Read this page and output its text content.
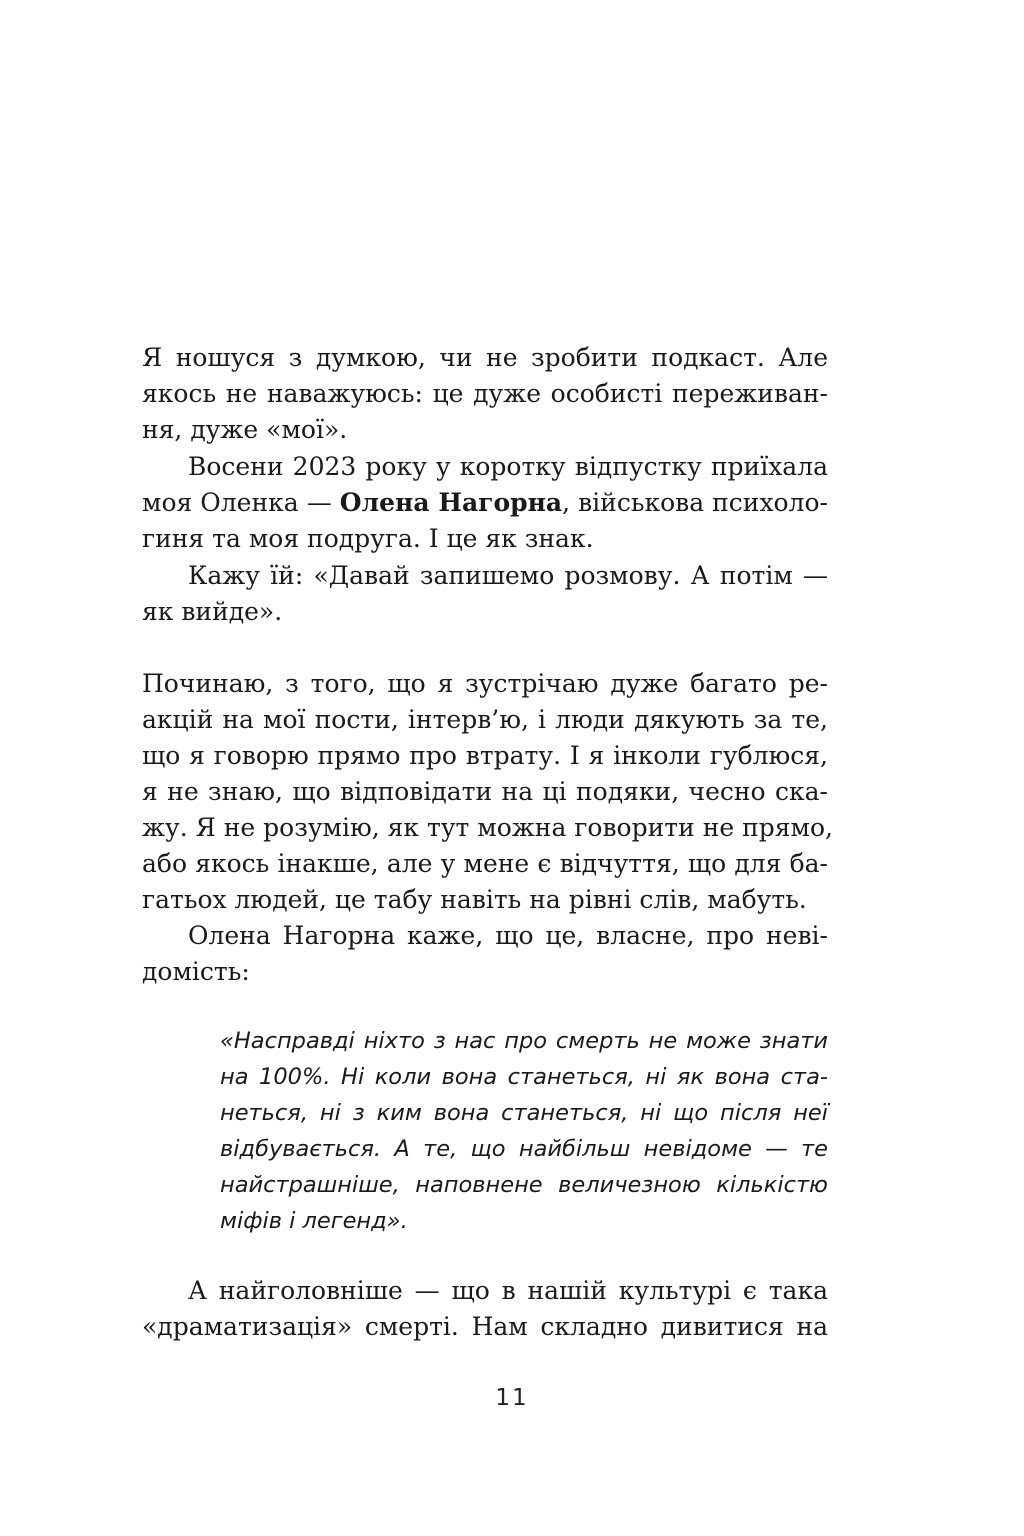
Я ношуся з думкою, чи не зробити подкаст. Але
якось не наважуюсь: це дуже особисті переживан-
ня, дуже «мої».
Восени 2023 року у коротку відпустку приїхала
моя Оленка — Олена Нагорна, військова психоло-
гиня та моя подруга. І це як знак.
Кажу їй: «Давай запишемо розмову. А потім —
як вийде».
Починаю, з того, що я зустрічаю дуже багато ре-
акцій на мої пости, інтерв’ю, і люди дякують за те,
що я говорю прямо про втрату. І я інколи гублюся,
я не знаю, що відповідати на ці подяки, чесно ска-
жу. Я не розумію, як тут можна говорити не прямо,
або якось інакше, але у мене є відчуття, що для ба-
гатьох людей, це табу навіть на рівні слів, мабуть.
Олена Нагорна каже, що це, власне, про неві-
домість:
«Насправді ніхто з нас про смерть не може знати
на 100%. Ні коли вона станеться, ні як вона ста-
неться, ні з ким вона станеться, ні що після неї
відбувається. А те, що найбільш невідоме — те
найстрашніше, наповнене величезною кількістю
міфів і легенд».
А найголовніше — що в нашій культурі є така
«драматизація» смерті. Нам складно дивитися на
11
